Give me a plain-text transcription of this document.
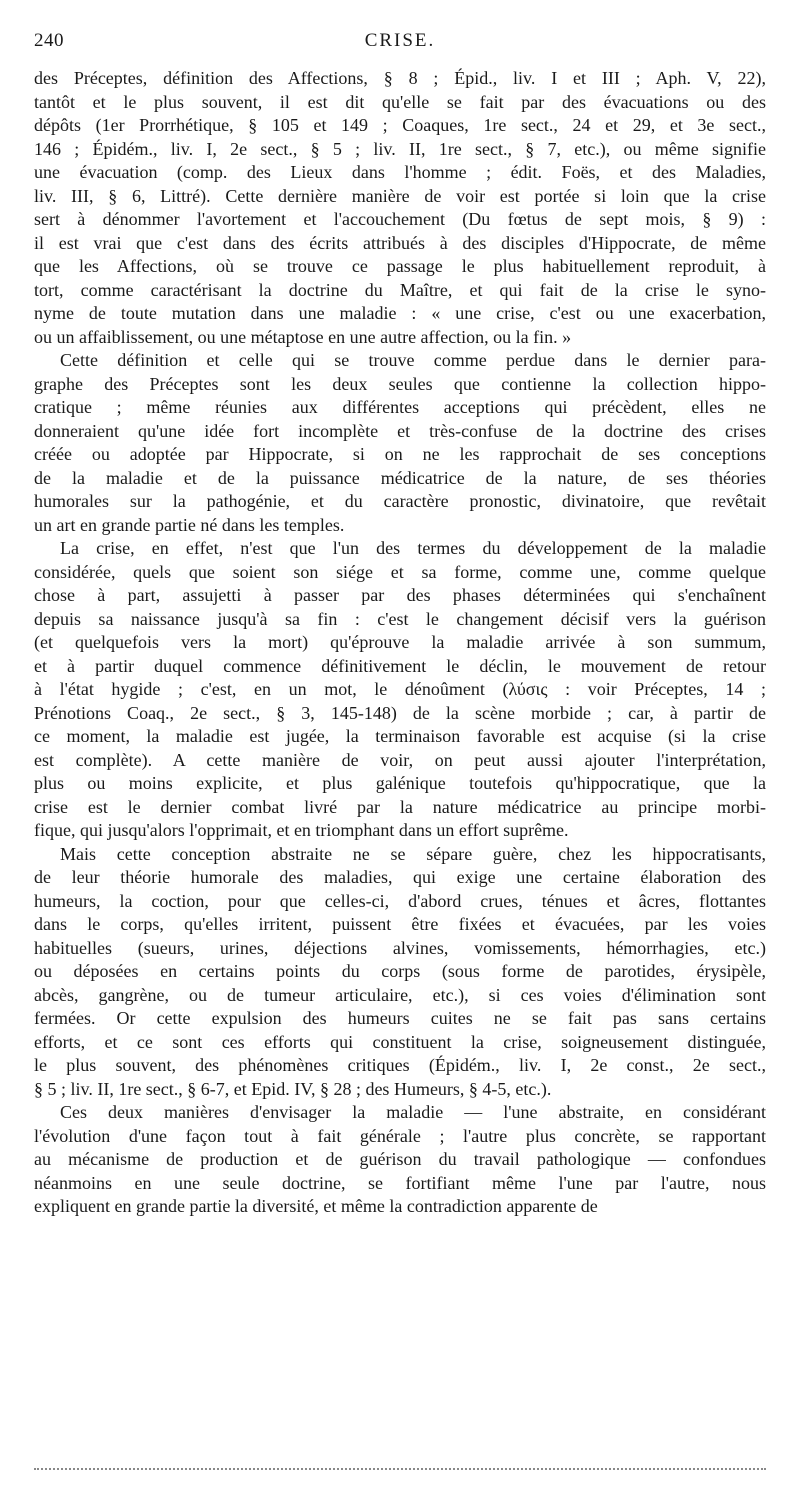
240	CRISE.
des Préceptes, définition des Affections, § 8 ; Épid., liv. I et III ; Aph. V, 22),
tantôt et le plus souvent, il est dit qu'elle se fait par des évacuations ou des
dépôts (1er Prorrhétique, § 105 et 149 ; Coaques, 1re sect., 24 et 29, et 3e sect.,
146 ; Épidém., liv. I, 2e sect., § 5 ; liv. II, 1re sect., § 7, etc.), ou même signifie
une évacuation (comp. des Lieux dans l'homme ; édit. Foës, et des Maladies,
liv. III, § 6, Littré). Cette dernière manière de voir est portée si loin que la crise
sert à dénommer l'avortement et l'accouchement (Du fœtus de sept mois, § 9) :
il est vrai que c'est dans des écrits attribués à des disciples d'Hippocrate, de même
que les Affections, où se trouve ce passage le plus habituellement reproduit, à
tort, comme caractérisant la doctrine du Maître, et qui fait de la crise le syno-
nyme de toute mutation dans une maladie : « une crise, c'est ou une exacerbation,
ou un affaiblissement, ou une métaptose en une autre affection, ou la fin. »
Cette définition et celle qui se trouve comme perdue dans le dernier para-
graphe des Préceptes sont les deux seules que contienne la collection hippo-
cratique ; même réunies aux différentes acceptions qui précèdent, elles ne
donneraient qu'une idée fort incomplète et très-confuse de la doctrine des crises
créée ou adoptée par Hippocrate, si on ne les rapprochait de ses conceptions
de la maladie et de la puissance médicatrice de la nature, de ses théories
humorales sur la pathogénie, et du caractère pronostic, divinatoire, que revêtait
un art en grande partie né dans les temples.
La crise, en effet, n'est que l'un des termes du développement de la maladie
considérée, quels que soient son siége et sa forme, comme une, comme quelque
chose à part, assujetti à passer par des phases déterminées qui s'enchaînent
depuis sa naissance jusqu'à sa fin : c'est le changement décisif vers la guérison
(et quelquefois vers la mort) qu'éprouve la maladie arrivée à son summum,
et à partir duquel commence définitivement le déclin, le mouvement de retour
à l'état hygide ; c'est, en un mot, le dénoûment (λύσις : voir Préceptes, 14 ;
Prénotions Coaq., 2e sect., § 3, 145-148) de la scène morbide ; car, à partir de
ce moment, la maladie est jugée, la terminaison favorable est acquise (si la crise
est complète). A cette manière de voir, on peut aussi ajouter l'interprétation,
plus ou moins explicite, et plus galénique toutefois qu'hippocratique, que la
crise est le dernier combat livré par la nature médicatrice au principe morbi-
fique, qui jusqu'alors l'opprimait, et en triomphant dans un effort suprême.
Mais cette conception abstraite ne se sépare guère, chez les hippocratisants,
de leur théorie humorale des maladies, qui exige une certaine élaboration des
humeurs, la coction, pour que celles-ci, d'abord crues, ténues et âcres, flottantes
dans le corps, qu'elles irritent, puissent être fixées et évacuées, par les voies
habituelles (sueurs, urines, déjections alvines, vomissements, hémorrhagies, etc.)
ou déposées en certains points du corps (sous forme de parotides, érysipèle,
abcès, gangrène, ou de tumeur articulaire, etc.), si ces voies d'élimination sont
fermées. Or cette expulsion des humeurs cuites ne se fait pas sans certains
efforts, et ce sont ces efforts qui constituent la crise, soigneusement distinguée,
le plus souvent, des phénomènes critiques (Épidém., liv. I, 2e const., 2e sect.,
§ 5 ; liv. II, 1re sect., § 6-7, et Epid. IV, § 28 ; des Humeurs, § 4-5, etc.).
Ces deux manières d'envisager la maladie — l'une abstraite, en considérant
l'évolution d'une façon tout à fait générale ; l'autre plus concrète, se rapportant
au mécanisme de production et de guérison du travail pathologique — confondues
néanmoins en une seule doctrine, se fortifiant même l'une par l'autre, nous
expliquent en grande partie la diversité, et même la contradiction apparente de
